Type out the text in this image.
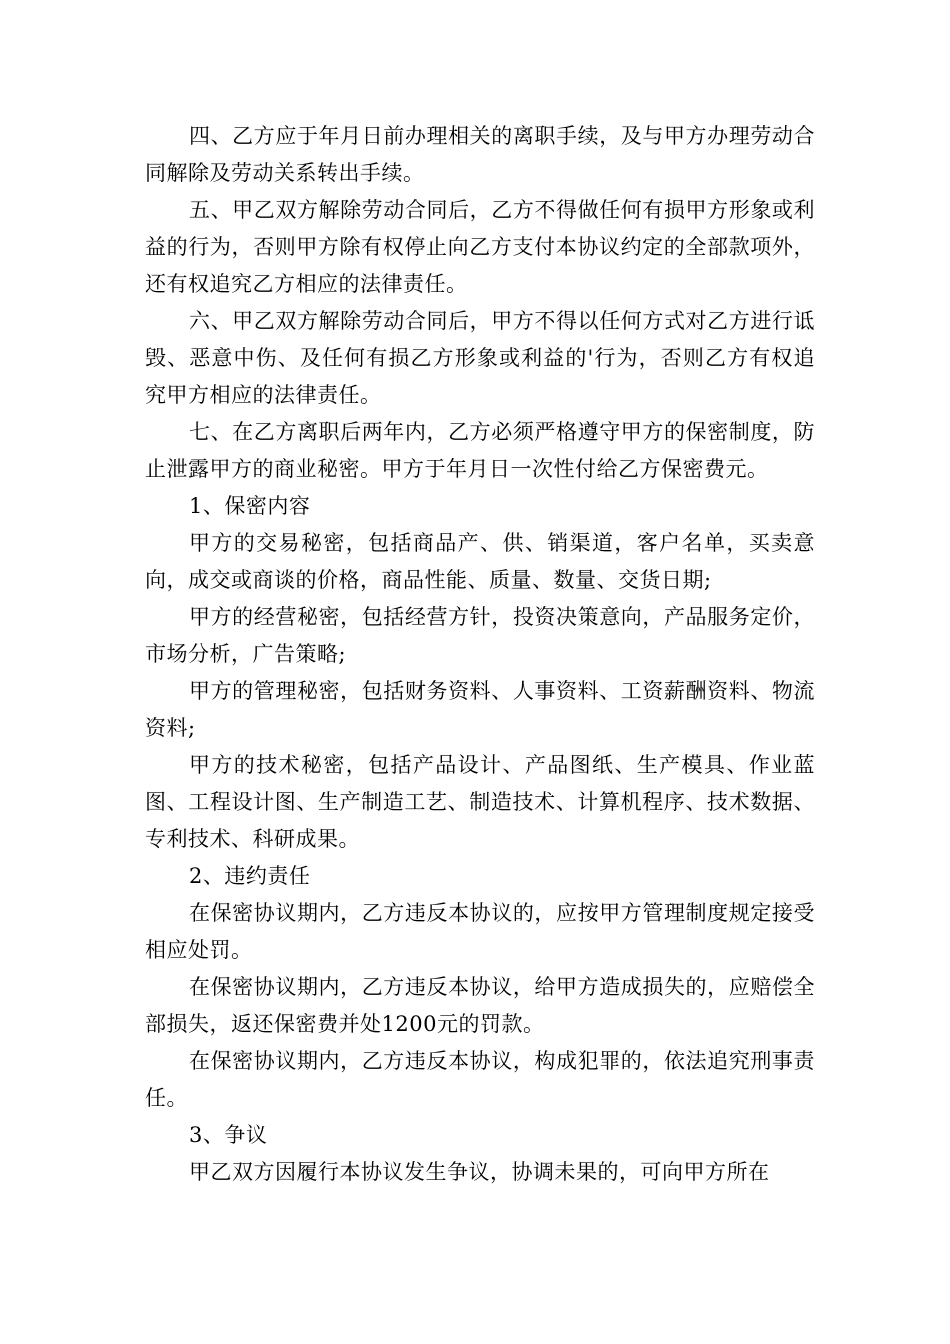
四、乙方应于年月日前办理相关的离职手续，及与甲方办理劳动合同解除及劳动关系转出手续。

五、甲乙双方解除劳动合同后，乙方不得做任何有损甲方形象或利益的行为，否则甲方除有权停止向乙方支付本协议约定的全部款项外，还有权追究乙方相应的法律责任。

六、甲乙双方解除劳动合同后，甲方不得以任何方式对乙方进行诋毁、恶意中伤、及任何有损乙方形象或利益的'行为，否则乙方有权追究甲方相应的法律责任。

七、在乙方离职后两年内，乙方必须严格遵守甲方的保密制度，防止泄露甲方的商业秘密。甲方于年月日一次性付给乙方保密费元。

1、保密内容

甲方的交易秘密，包括商品产、供、销渠道，客户名单，买卖意向，成交或商谈的价格，商品性能、质量、数量、交货日期;

甲方的经营秘密，包括经营方针，投资决策意向，产品服务定价，市场分析，广告策略;

甲方的管理秘密，包括财务资料、人事资料、工资薪酬资料、物流资料;

甲方的技术秘密，包括产品设计、产品图纸、生产模具、作业蓝图、工程设计图、生产制造工艺、制造技术、计算机程序、技术数据、专利技术、科研成果。

2、违约责任

在保密协议期内，乙方违反本协议的，应按甲方管理制度规定接受相应处罚。

在保密协议期内，乙方违反本协议，给甲方造成损失的，应赔偿全部损失，返还保密费并处1200元的罚款。

在保密协议期内，乙方违反本协议，构成犯罪的，依法追究刑事责任。

3、争议

甲乙双方因履行本协议发生争议，协调未果的，可向甲方所在
